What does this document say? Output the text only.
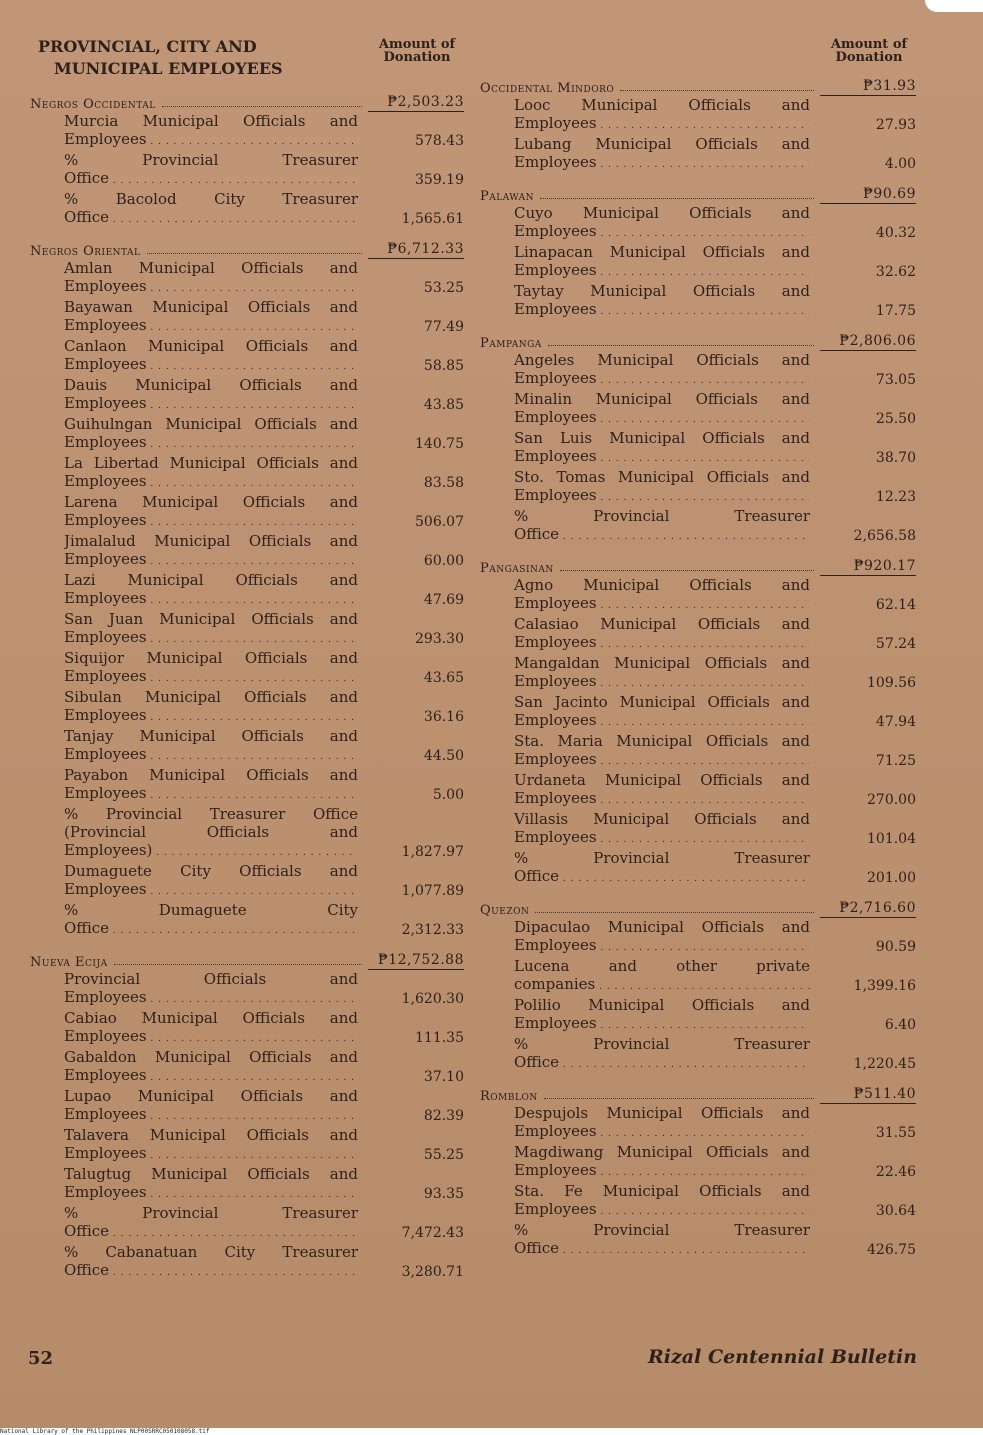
PROVINCIAL, CITY AND
MUNICIPAL EMPLOYEES
Amount of
Donation
Negros Occidental	₱2,503.23
Murcia Municipal Officials and Employees . . .	578.43
% Provincial Treasurer Office . . .	359.19
% Bacolod City Treasurer Office . . .	1,565.61
Negros Oriental	₱6,712.33
Amlan Municipal Officials and Employees . . .	53.25
Bayawan Municipal Officials and Employees . . .	77.49
Canlaon Municipal Officials and Employees . . .	58.85
Dauis Municipal Officials and Employees . . .	43.85
Guihulngan Municipal Officials and Employees . . .	140.75
La Libertad Municipal Officials and Employees . . .	83.58
Larena Municipal Officials and Employees . . .	506.07
Jimalalud Municipal Officials and Employees . . .	60.00
Lazi Municipal Officials and Employees . . .	47.69
San Juan Municipal Officials and Employees . . .	293.30
Siquijor Municipal Officials and Employees . . .	43.65
Sibulan Municipal Officials and Employees . . .	36.16
Tanjay Municipal Officials and Employees . . .	44.50
Payabon Municipal Officials and Employees . . .	5.00
% Provincial Treasurer Office (Provincial Officials and Employees) . . .	1,827.97
Dumaguete City Officials and Employees . . .	1,077.89
% Dumaguete City Office . . .	2,312.33
Nueva Ecija	₱12,752.88
Provincial Officials and Employees . . .	1,620.30
Cabiao Municipal Officials and Employees . . .	111.35
Gabaldon Municipal Officials and Employees . . .	37.10
Lupao Municipal Officials and Employees . . .	82.39
Talavera Municipal Officials and Employees . . .	55.25
Talugtug Municipal Officials and Employees . . .	93.35
% Provincial Treasurer Office . . .	7,472.43
% Cabanatuan City Treasurer Office . . .	3,280.71
Amount of
Donation
Occidental Mindoro	₱31.93
Looc Municipal Officials and Employees . . .	27.93
Lubang Municipal Officials and Employees . . .	4.00
Palawan	₱90.69
Cuyo Municipal Officials and Employees . . .	40.32
Linapacan Municipal Officials and Employees . . .	32.62
Taytay Municipal Officials and Employees . . .	17.75
Pampanga	₱2,806.06
Angeles Municipal Officials and Employees . . .	73.05
Minalin Municipal Officials and Employees . . .	25.50
San Luis Municipal Officials and Employees . . .	38.70
Sto. Tomas Municipal Officials and Employees . . .	12.23
% Provincial Treasurer Office . . .	2,656.58
Pangasinan	₱920.17
Agno Municipal Officials and Employees . . .	62.14
Calasiao Municipal Officials and Employees . . .	57.24
Mangaldan Municipal Officials and Employees . . .	109.56
San Jacinto Municipal Officials and Employees . . .	47.94
Sta. Maria Municipal Officials and Employees . . .	71.25
Urdaneta Municipal Officials and Employees . . .	270.00
Villasis Municipal Officials and Employees . . .	101.04
% Provincial Treasurer Office . . .	201.00
Quezon	₱2,716.60
Dipaculao Municipal Officials and Employees . . .	90.59
Lucena and other private companies . . .	1,399.16
Polilio Municipal Officials and Employees . . .	6.40
% Provincial Treasurer Office . . .	1,220.45
Romblon	₱511.40
Despujols Municipal Officials and Employees . . .	31.55
Magdiwang Municipal Officials and Employees . . .	22.46
Sta. Fe Municipal Officials and Employees . . .	30.64
% Provincial Treasurer Office . . .	426.75
52	Rizal Centennial Bulletin
National Library of the Philippines NLP00SRRC050108058.tif
